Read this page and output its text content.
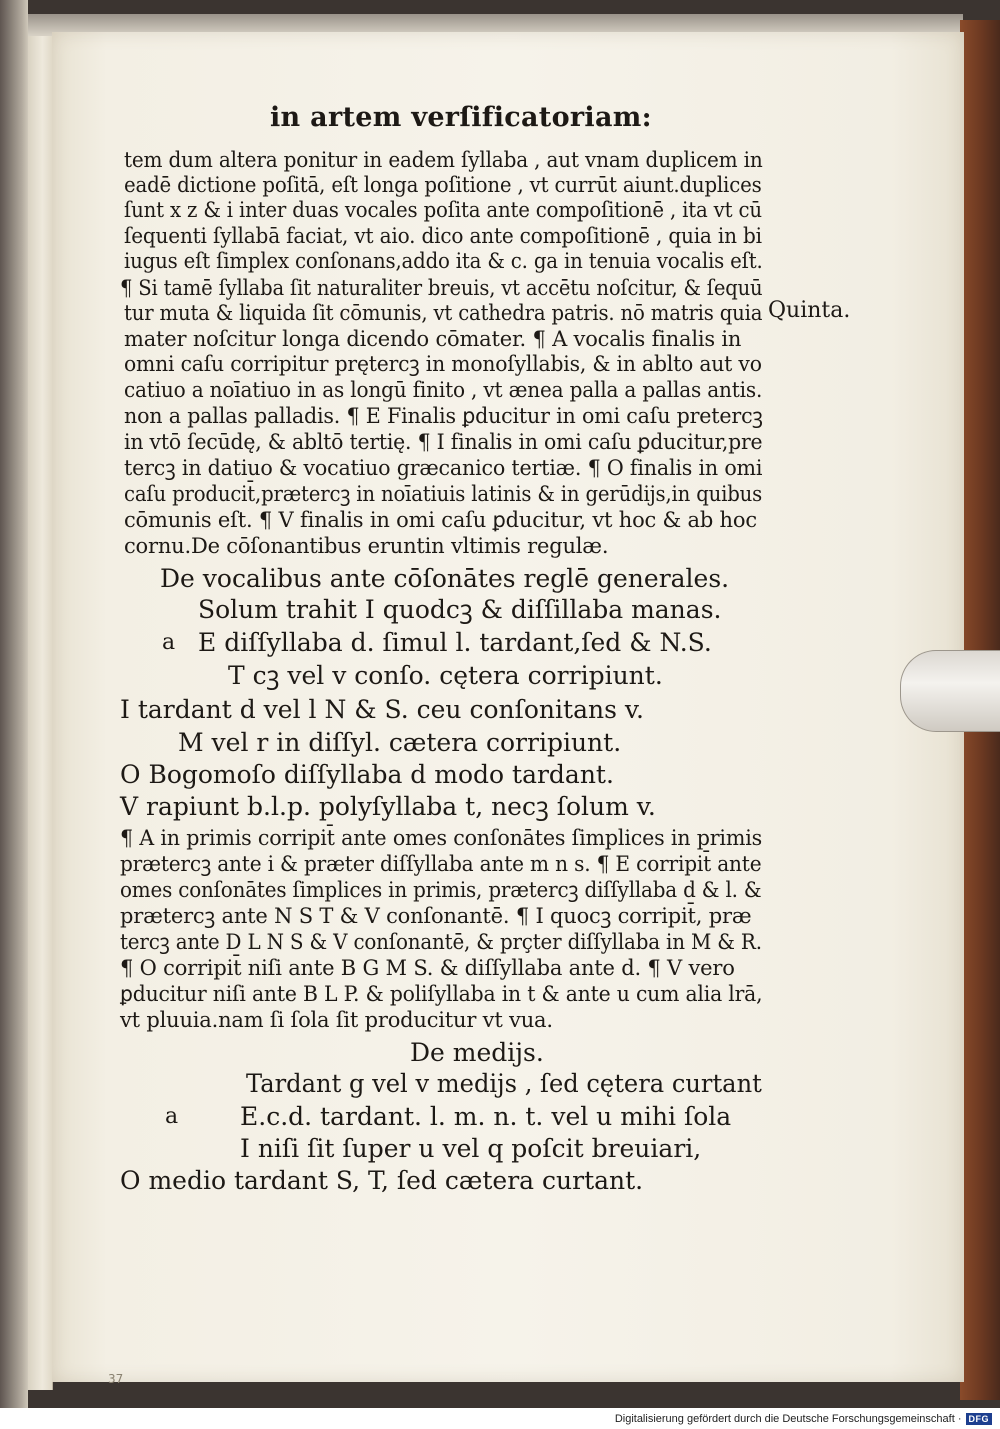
in artem verſificatoriam:
tem dum altera ponitur in eadem ſyllaba , aut vnam duplicem in
eadē dictione poſitā, eſt longa poſitione , vt currūt aiunt.duplices
ſunt x z & i inter duas vocales poſita ante compoſitionē , ita vt cū
ſequenti ſyllabā faciat, vt aio. dico ante compoſitionē , quia in bi
iugus eſt ſimplex conſonans,addo ita & c. ga in tenuia vocalis eſt.
¶ Si tamē ſyllaba ſit naturaliter breuis, vt accētu noſcitur, & ſequū
tur muta & liquida ſit cōmunis, vt cathedra patris. nō matris quia
mater noſcitur longa dicendo cōmater. ¶ A vocalis finalis in
omni caſu corripitur prętercꝫ in monoſyllabis, & in ablto aut vo
catiuo a noīatiuo in as longū finito , vt ænea palla a pallas antis.
non a pallas palladis. ¶ E Finalis ꝑducitur in omi caſu pretercꝫ
in vtō ſecūdę, & abltō tertię. ¶ I finalis in omi caſu ꝑducitur,pre
tercꝫ in datiuo & vocatiuo græcanico tertiæ. ¶ O finalis in omi
caſu producit̄,prætercꝫ in noīatiuis latinis & in gerūdijs,in quibus
cōmunis eſt. ¶ V finalis in omi caſu ꝑducitur, vt hoc & ab hoc
cornu.De cōſonantibus eruntin vltimis regulæ.
Quinta.
De vocalibus ante cōſonātes reglē generales.
Solum trahit I quodcꝫ & diſſillaba manas.
a E diſſyllaba d. ſimul l. tardant,ſed & N.S.
T cꝫ vel v conſo. cętera corripiunt.
I tardant d vel l N & S. ceu conſonitans v.
M vel r in diſſyl. cætera corripiunt.
O Bogomoſo diſſyllaba d modo tardant.
V rapiunt b.l.p. polyſyllaba t, necꝫ ſolum v.
¶ A in primis corripit̄ ante omes conſonātes ſimplices in primis
prætercꝫ ante i & præter diſſyllaba ante m n s. ¶ E corripit̄ ante
omes conſonātes ſimplices in primis, prætercꝫ diſſyllaba d & l. &
prætercꝫ ante N S T & V conſonantē. ¶ I quocꝫ corripit̄, præ
tercꝫ ante D L N S & V conſonantē, & prçter diſſyllaba in M & R.
¶ O corripit̄ niſi ante B G M S. & diſſyllaba ante d. ¶ V vero
ꝑducitur niſi ante B L P. & poliſyllaba in t & ante u cum alia lrā,
vt pluuia.nam ſi ſola ſit producitur vt vua.
De medijs.
Tardant g vel v medijs , ſed cętera curtant
a E.c.d. tardant. l. m. n. t. vel u mihi ſola
I niſi ſit ſuper u vel q poſcit breuiari,
O medio tardant S, T, ſed cætera curtant.
37
Digitalisierung gefördert durch die Deutsche Forschungsgemeinschaft · DFG
